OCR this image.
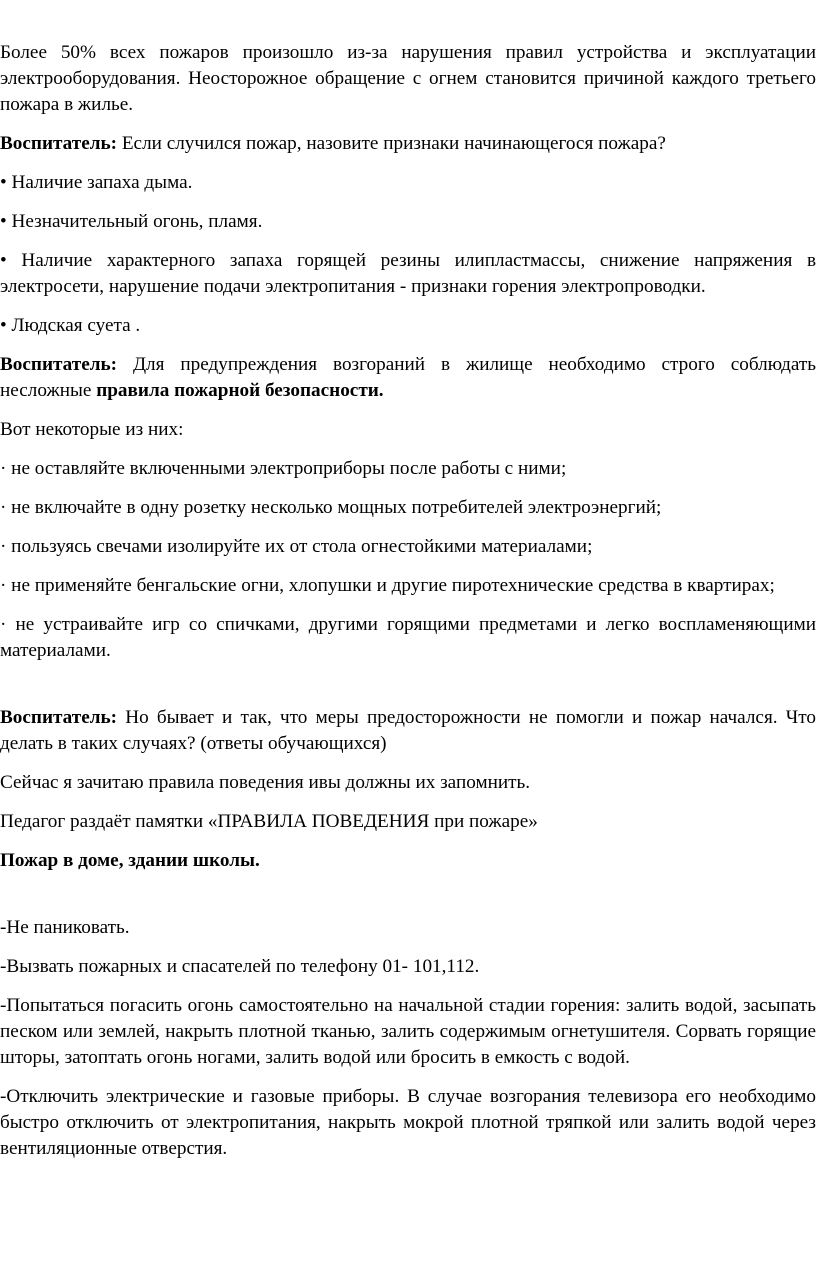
Более 50% всех пожаров произошло из-за нарушения правил устройства и эксплуатации электрооборудования. Неосторожное обращение с огнем становится причиной каждого третьего пожара в жилье.

Воспитатель: Если случился пожар, назовите признаки начинающегося пожара?

• Наличие запаха дыма.

• Незначительный огонь, пламя.

• Наличие характерного запаха горящей резины илипластмассы, снижение напряжения в электросети, нарушение подачи электропитания - признаки горения электропроводки.

• Людская суета .

Воспитатель: Для предупреждения возгораний в жилище необходимо строго соблюдать несложные правила пожарной безопасности.

Вот некоторые из них:

· не оставляйте включенными электроприборы после работы с ними;

· не включайте в одну розетку несколько мощных потребителей электроэнергий;

· пользуясь свечами изолируйте их от стола огнестойкими материалами;

· не применяйте бенгальские огни, хлопушки и другие пиротехнические средства в квартирах;

· не устраивайте игр со спичками, другими горящими предметами и легко воспламеняющими материалами.

Воспитатель: Но бывает и так, что меры предосторожности не помогли и пожар начался. Что делать в таких случаях? (ответы обучающихся)

Сейчас я зачитаю правила поведения ивы должны их запомнить.

Педагог раздаёт памятки «ПРАВИЛА ПОВЕДЕНИЯ при пожаре»

Пожар в доме, здании школы.

-Не паниковать.

-Вызвать пожарных и спасателей по телефону 01- 101,112.

-Попытаться погасить огонь самостоятельно на начальной стадии горения: залить водой, засыпать песком или землей, накрыть плотной тканью, залить содержимым огнетушителя. Сорвать горящие шторы, затоптать огонь ногами, залить водой или бросить в емкость с водой.

-Отключить электрические и газовые приборы. В случае возгорания телевизора его необходимо быстро отключить от электропитания, накрыть мокрой плотной тряпкой или залить водой через вентиляционные отверстия.
